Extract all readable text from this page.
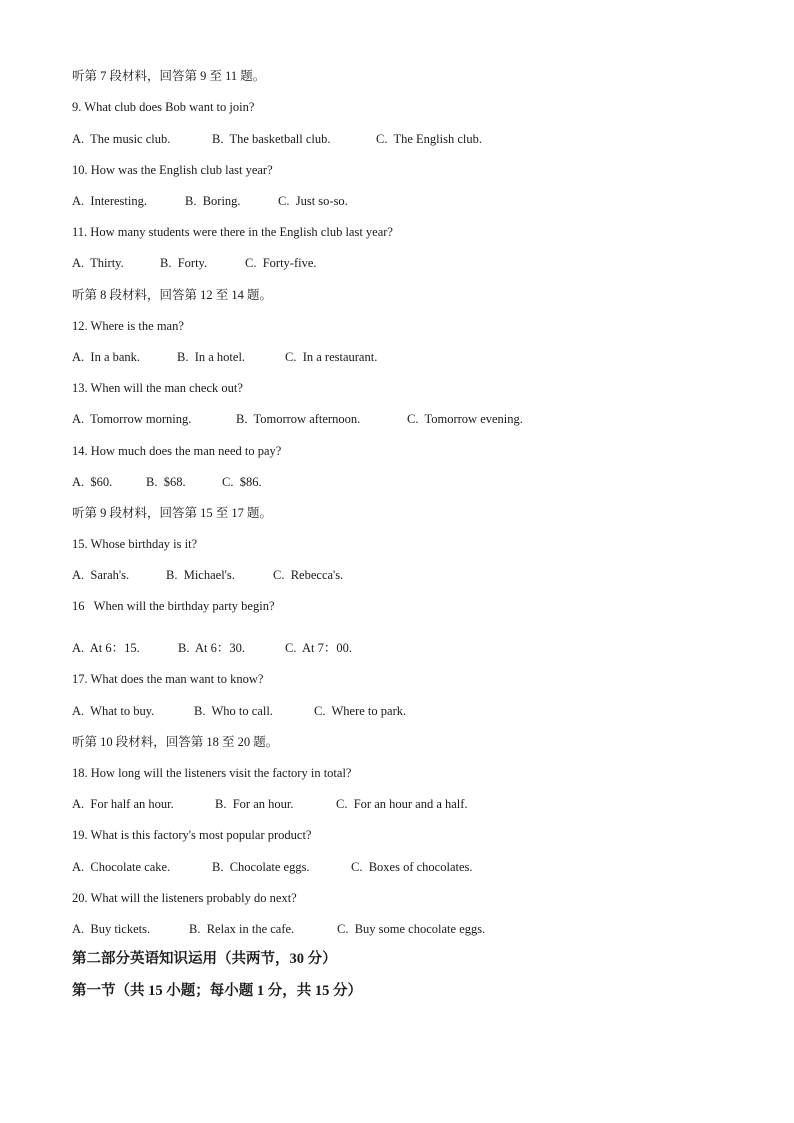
听第 7 段材料，回答第 9 至 11 题。
9. What club does Bob want to join?

A.  The music club.

	B.  The basketball club.

	C.  The English club.

10. How was the English club last year?

A.  Interesting.

	B.  Boring.

	C.  Just so-so.

11. How many students were there in the English club last year?

A.  Thirty.

	B.  Forty.

	C.  Forty-five.

听第 8 段材料，回答第 12 至 14 题。
12. Where is the man?

A.  In a bank.

	B.  In a hotel.

	C.  In a restaurant.

13. When will the man check out?

A.  Tomorrow morning.

	B.  Tomorrow afternoon.

	C.  Tomorrow evening.

14. How much does the man need to pay?

A.  $60.

	B.  $68.

	C.  $86.

听第 9 段材料，回答第 15 至 17 题。
15. Whose birthday is it?

A.  Sarah's.

	B.  Michael's.

	C.  Rebecca's.

16   When will the birthday party begin?

A.  At 6：15.

	B.  At 6：30.

	C.  At 7：00.

17. What does the man want to know?

A.  What to buy.

	B.  Who to call.

	C.  Where to park.

听第 10 段材料，回答第 18 至 20 题。
18. How long will the listeners visit the factory in total?

A.  For half an hour.

	B.  For an hour.

	C.  For an hour and a half.

19. What is this factory's most popular product?

A.  Chocolate cake.

	B.  Chocolate eggs.

	C.  Boxes of chocolates.

20. What will the listeners probably do next?

A.  Buy tickets.

	B.  Relax in the cafe.

	C.  Buy some chocolate eggs.

第二部分英语知识运用（共两节，30 分）
第一节（共 15 小题；每小题 1 分，共 15 分）
